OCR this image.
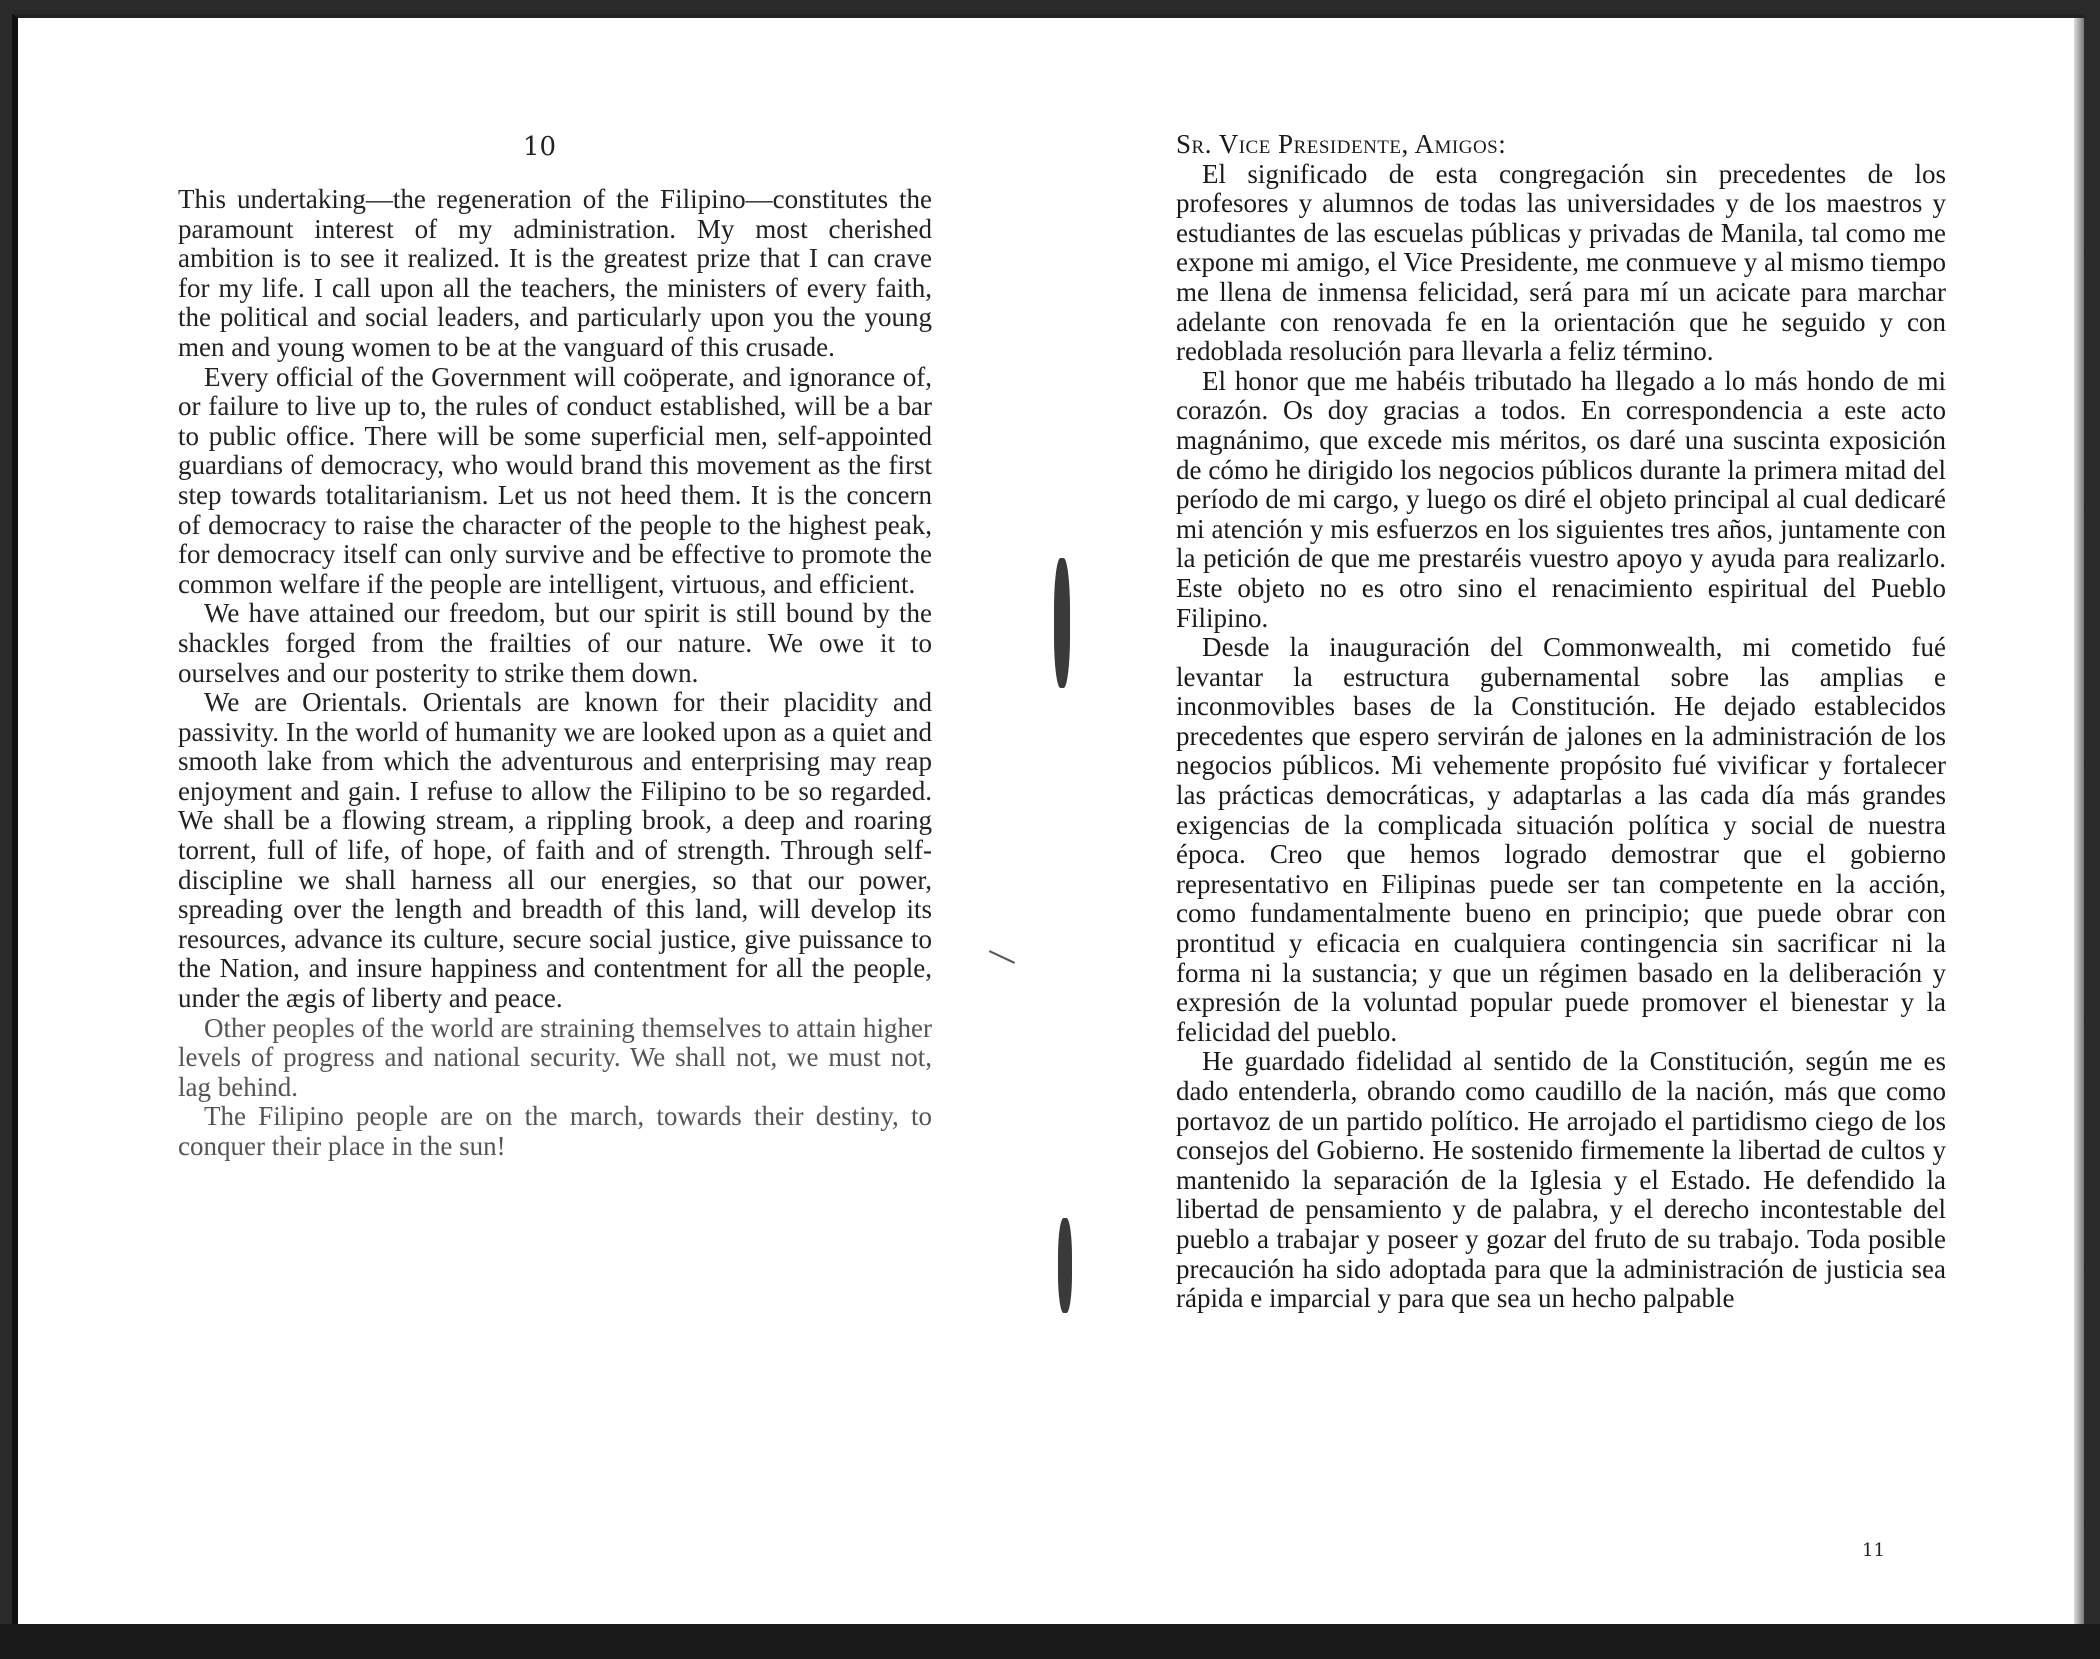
10

This undertaking—the regeneration of the Filipino—constitutes the paramount interest of my administration. My most cherished ambition is to see it realized. It is the greatest prize that I can crave for my life. I call upon all the teachers, the ministers of every faith, the political and social leaders, and particularly upon you the young men and young women to be at the vanguard of this crusade.

Every official of the Government will coöperate, and ignorance of, or failure to live up to, the rules of conduct established, will be a bar to public office. There will be some superficial men, self-appointed guardians of democracy, who would brand this movement as the first step towards totalitarianism. Let us not heed them. It is the concern of democracy to raise the character of the people to the highest peak, for democracy itself can only survive and be effective to promote the common welfare if the people are intelligent, virtuous, and efficient.

We have attained our freedom, but our spirit is still bound by the shackles forged from the frailties of our nature. We owe it to ourselves and our posterity to strike them down.

We are Orientals. Orientals are known for their placidity and passivity. In the world of humanity we are looked upon as a quiet and smooth lake from which the adventurous and enterprising may reap enjoyment and gain. I refuse to allow the Filipino to be so regarded. We shall be a flowing stream, a rippling brook, a deep and roaring torrent, full of life, of hope, of faith and of strength. Through self-discipline we shall harness all our energies, so that our power, spreading over the length and breadth of this land, will develop its resources, advance its culture, secure social justice, give puissance to the Nation, and insure happiness and contentment for all the people, under the ægis of liberty and peace.

Other peoples of the world are straining themselves to attain higher levels of progress and national security. We shall not, we must not, lag behind.

The Filipino people are on the march, towards their destiny, to conquer their place in the sun!

Sr. Vice Presidente, Amigos:

El significado de esta congregación sin precedentes de los profesores y alumnos de todas las universidades y de los maestros y estudiantes de las escuelas públicas y privadas de Manila, tal como me expone mi amigo, el Vice Presidente, me conmueve y al mismo tiempo me llena de inmensa felicidad, será para mí un acicate para marchar adelante con renovada fe en la orientación que he seguido y con redoblada resolución para llevarla a feliz término.

El honor que me habéis tributado ha llegado a lo más hondo de mi corazón. Os doy gracias a todos. En correspondencia a este acto magnánimo, que excede mis méritos, os daré una suscinta exposición de cómo he dirigido los negocios públicos durante la primera mitad del período de mi cargo, y luego os diré el objeto principal al cual dedicaré mi atención y mis esfuerzos en los siguientes tres años, juntamente con la petición de que me prestaréis vuestro apoyo y ayuda para realizarlo. Este objeto no es otro sino el renacimiento espiritual del Pueblo Filipino.

Desde la inauguración del Commonwealth, mi cometido fué levantar la estructura gubernamental sobre las amplias e inconmovibles bases de la Constitución. He dejado establecidos precedentes que espero servirán de jalones en la administración de los negocios públicos. Mi vehemente propósito fué vivificar y fortalecer las prácticas democráticas, y adaptarlas a las cada día más grandes exigencias de la complicada situación política y social de nuestra época. Creo que hemos logrado demostrar que el gobierno representativo en Filipinas puede ser tan competente en la acción, como fundamentalmente bueno en principio; que puede obrar con prontitud y eficacia en cualquiera contingencia sin sacrificar ni la forma ni la sustancia; y que un régimen basado en la deliberación y expresión de la voluntad popular puede promover el bienestar y la felicidad del pueblo.

He guardado fidelidad al sentido de la Constitución, según me es dado entenderla, obrando como caudillo de la nación, más que como portavoz de un partido político. He arrojado el partidismo ciego de los consejos del Gobierno. He sostenido firmemente la libertad de cultos y mantenido la separación de la Iglesia y el Estado. He defendido la libertad de pensamiento y de palabra, y el derecho incontestable del pueblo a trabajar y poseer y gozar del fruto de su trabajo. Toda posible precaución ha sido adoptada para que la administración de justicia sea rápida e imparcial y para que sea un hecho palpable

11
